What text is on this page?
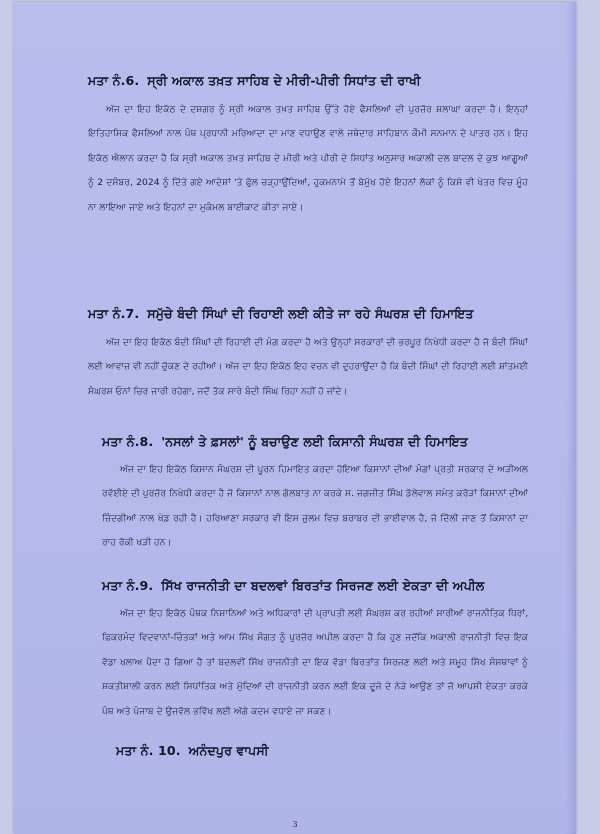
ਮਤਾ ਨੰ.6. ਸ੍ਰੀ ਅਕਾਲ ਤਖ਼ਤ ਸਾਹਿਬ ਦੇ ਮੀਰੀ-ਪੀਰੀ ਸਿਧਾਂਤ ਦੀ ਰਾਖੀ
ਅੱਜ ਦਾ ਇਹ ਇਕੱਠ ਦੇ ਦਸ਼ਗਰ ਨੂੰ ਸ੍ਰੀ ਅਕਾਲ ਤਖ਼ਤ ਸਾਹਿਬ ਉੱਤੇ ਹੋਏ ਫੈਸਲਿਆਂ ਦੀ ਪੁਰਜ਼ੋਰ ਸ਼ਲਾਘਾ ਕਰਦਾ ਹੈ। ਇਨ੍ਹਾਂ ਇਤਿਹਾਸਿਕ ਫੈਸਲਿਆਂ ਨਾਲ ਪੰਥ ਪ੍ਰਧਾਨੀ ਮਰਿਆਦਾ ਦਾ ਮਾਣ ਵਧਾਉਣ ਵਾਲੇ ਜਥੇਦਾਰ ਸਾਹਿਬਾਨ ਕੌਮੀ ਸਨਮਾਨ ਦੇ ਪਾਤਰ ਹਨ। ਇਹ ਇਕੱਠ ਐਲਾਨ ਕਰਦਾ ਹੈ ਕਿ ਸ੍ਰੀ ਅਕਾਲ ਤਖ਼ਤ ਸਾਹਿਬ ਦੇ ਮੀਰੀ ਅਤੇ ਪੀਰੀ ਦੇ ਸਿਧਾਂਤ ਅਨੁਸਾਰ ਅਕਾਲੀ ਦਲ ਬਾਦਲ ਦੇ ਕੁਝ ਆਗੂਆਂ ਨੂੰ 2 ਦਸੰਬਰ, 2024 ਨੂੰ ਦਿੱਤੇ ਗਏ ਆਦੇਸ਼ਾਂ 'ਤੇ ਫੁੱਲ ਚੜ੍ਹਾਉਂਦਿਆਂ, ਹੁਕਮਨਾਮੇ ਤੋਂ ਬੇਮੁੱਖ ਹੋਏ ਇਹਨਾਂ ਲੋਕਾਂ ਨੂੰ ਕਿਸੇ ਵੀ ਖੇਤਰ ਵਿਚ ਮੂੰਹ ਨਾ ਲਾਇਆ ਜਾਏ ਅਤੇ ਇਹਨਾਂ ਦਾ ਮੁਕੰਮਲ ਬਾਈਕਾਟ ਕੀਤਾ ਜਾਏ।
ਮਤਾ ਨੰ.7. ਸਮੁੱਚੇ ਬੰਦੀ ਸਿੰਘਾਂ ਦੀ ਰਿਹਾਈ ਲਈ ਕੀਤੇ ਜਾ ਰਹੇ ਸੰਘਰਸ਼ ਦੀ ਹਿਮਾਇਤ
ਅੱਜ ਦਾ ਇਹ ਇਕੱਠ ਬੰਦੀ ਸਿੰਘਾਂ ਦੀ ਰਿਹਾਈ ਦੀ ਮੰਗ ਕਰਦਾ ਹੈ ਅਤੇ ਉਨ੍ਹਾਂ ਸਰਕਾਰਾਂ ਦੀ ਭਰਪੂਰ ਨਿਖੇਧੀ ਕਰਦਾ ਹੈ ਜੋ ਬੰਦੀ ਸਿੰਘਾਂ ਲਈ ਆਵਾਜ਼ ਵੀ ਨਹੀਂ ਚੁੱਕਣ ਦੇ ਰਹੀਆਂ। ਅੱਜ ਦਾ ਇਹ ਇਕੱਠ ਇਹ ਵਚਨ ਵੀ ਦੁਹਰਾਉਂਦਾ ਹੈ ਕਿ ਬੰਦੀ ਸਿੰਘਾਂ ਦੀ ਰਿਹਾਈ ਲਈ ਸ਼ਾਂਤਮਈ ਸੰਘਰਸ਼ ਓਨਾਂ ਚਿਰ ਜਾਰੀ ਰਹੇਗਾ, ਜਦੋਂ ਤੱਕ ਸਾਰੇ ਬੰਦੀ ਸਿੰਘ ਰਿਹਾ ਨਹੀਂ ਹੋ ਜਾਂਦੇ।
ਮਤਾ ਨੰ.8. 'ਨਸਲਾਂ ਤੇ ਫ਼ਸਲਾਂ' ਨੂੰ ਬਚਾਉਣ ਲਈ ਕਿਸਾਨੀ ਸੰਘਰਸ਼ ਦੀ ਹਿਮਾਇਤ
ਅੱਜ ਦਾ ਇਹ ਇਕੱਠ ਕਿਸਾਨ ਸੰਘਰਸ਼ ਦੀ ਪੂਰਨ ਹਿਮਾਇਤ ਕਰਦਾ ਹੋਇਆ ਕਿਸਾਨਾਂ ਦੀਆਂ ਮੰਗਾਂ ਪ੍ਰਤੀ ਸਰਕਾਰ ਦੇ ਅੜੀਅਲ ਰਵੱਈਏ ਦੀ ਪੁਰਜ਼ੋਰ ਨਿਖੇਧੀ ਕਰਦਾ ਹੈ ਜੋ ਕਿਸਾਨਾਂ ਨਾਲ ਗੱਲਬਾਤ ਨਾ ਕਰਕੇ ਸ. ਜਗਜੀਤ ਸਿੰਘ ਡੱਲੇਵਾਲ ਸਮੇਤ ਕਰੋੜਾਂ ਕਿਸਾਨਾਂ ਦੀਆਂ ਜ਼ਿੰਦਗੀਆਂ ਨਾਲ ਖੇਡ ਰਹੀ ਹੈ। ਹਰਿਆਣਾ ਸਰਕਾਰ ਵੀ ਇਸ ਜ਼ੁਲਮ ਵਿਚ ਬਰਾਬਰ ਦੀ ਭਾਈਵਾਲ ਹੈ, ਜੋ ਦਿੱਲੀ ਜਾਣ ਤੋਂ ਕਿਸਾਨਾਂ ਦਾ ਰਾਹ ਰੋਕੀ ਖੜੀ ਹਨ।
ਮਤਾ ਨੰ.9. ਸਿੱਖ ਰਾਜਨੀਤੀ ਦਾ ਬਦਲਵਾਂ ਬਿਰਤਾਂਤ ਸਿਰਜਣ ਲਈ ਏਕਤਾ ਦੀ ਅਪੀਲ
ਅੱਜ ਦਾ ਇਹ ਇਕੱਠ ਪੰਥਕ ਨਿਸ਼ਾਨਿਆਂ ਅਤੇ ਅਧਿਕਾਰਾਂ ਦੀ ਪ੍ਰਾਪਤੀ ਲਈ ਸੰਘਰਸ਼ ਕਰ ਰਹੀਆਂ ਸਾਰੀਆਂ ਰਾਜਨੀਤਿਕ ਧਿਰਾਂ, ਫ਼ਿਕਰਮੰਦ ਵਿਦਵਾਨਾਂ-ਚਿੰਤਕਾਂ ਅਤੇ ਆਮ ਸਿੱਖ ਸੰਗਤ ਨੂੰ ਪੁਰਜ਼ੋਰ ਅਪੀਲ ਕਰਦਾ ਹੈ ਕਿ ਹੁਣ ਜਦੋਂਕਿ ਅਕਾਲੀ ਰਾਜਨੀਤੀ ਵਿਚ ਇਕ ਵੱਡਾ ਖਲਾਅ ਪੈਦਾ ਹੋ ਗਿਆ ਹੈ ਤਾਂ ਬਦਲਵੀਂ ਸਿੱਖ ਰਾਜਨੀਤੀ ਦਾ ਇਕ ਵੱਡਾ ਬਿਰਤਾਂਤ ਸਿਰਜਣ ਲਈ ਅਤੇ ਸਮੂਹ ਸਿੱਖ ਸੰਸਥਾਵਾਂ ਨੂੰ ਸ਼ਕਤੀਸ਼ਾਲੀ ਕਰਨ ਲਈ ਸਿਧਾਂਤਿਕ ਅਤੇ ਮੁੱਦਿਆਂ ਦੀ ਰਾਜਨੀਤੀ ਕਰਨ ਲਈ ਇਕ ਦੂਜੇ ਦੇ ਨੇੜੇ ਆਉਣ ਤਾਂ ਜੋ ਆਪਸੀ ਏਕਤਾ ਕਰਕੇ ਪੰਥ ਅਤੇ ਪੰਜਾਬ ਦੇ ਉਜਵੱਲ ਭਵਿੱਖ ਲਈ ਅੱਗੇ ਕਦਮ ਵਧਾਏ ਜਾ ਸਕਣ।
ਮਤਾ ਨੰ. 10. ਅਨੰਦਪੁਰ ਵਾਪਸੀ
3
